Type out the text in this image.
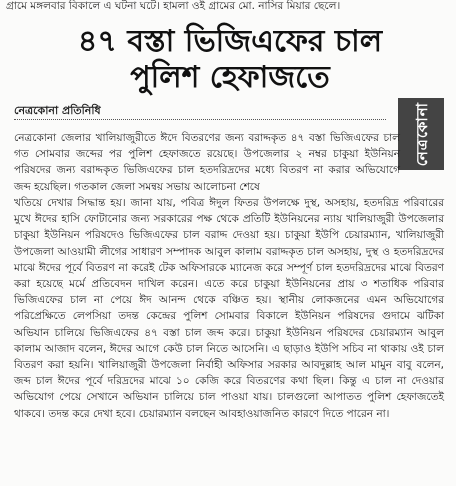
গ্রামে মঙ্গলবার বিকালে এ ঘটনা ঘটে। হামলা ওই গ্রামের মো. নাসির মিয়ার ছেলে।
৪৭ বস্তা ভিজিএফের চাল
পুলিশ হেফাজতে
নেত্রকোনা প্রতিনিধি	নেত্রকোনা

নেত্রকোনা জেলার খালিয়াজুরীতে ঈদে বিতরণের জন্য বরাদ্দকৃত ৪৭ বস্তা ভিজিএফের চাল গত সোমবার জব্দের পর পুলিশ হেফাজতে রয়েছে। উপজেলার ২ নম্বর চাকুয়া ইউনিয়ন পরিষদের জন্য বরাদ্দকৃত ভিজিএফের চাল হতদরিদ্রদের মধ্যে বিতরণ না করার অভিযোগে জব্দ হয়েছিল। গতকাল জেলা সমন্বয় সভায় আলোচনা শেষে

খতিয়ে দেখার সিদ্ধান্ত হয়। জানা যায়, পবিত্র ঈদুল ফিতর উপলক্ষে দুস্থ, অসহায়, হতদরিদ্র পরিবারের মুখে ঈদের হাসি ফোটানোর জন্য সরকারের পক্ষ থেকে প্রতিটি ইউনিয়নের ন্যায় খালিয়াজুরী উপজেলার চাকুয়া ইউনিয়ন পরিষদেও ভিজিএফের চাল বরাদ্দ দেওয়া হয়। চাকুয়া ইউপি চেয়ারম্যান, খালিয়াজুরী উপজেলা আওয়ামী লীগের সাধারণ সম্পাদক আবুল কালাম বরাদ্দকৃত চাল অসহায়, দুস্থ ও হতদরিদ্রদের মাঝে ঈদের পূর্বে বিতরণ না করেই টেক অফিসারকে ম্যানেজ করে সম্পূর্ণ চাল হতদরিদ্রদের মাঝে বিতরণ করা হয়েছে মর্মে প্রতিবেদন দাখিল করেন। এতে করে চাকুয়া ইউনিয়নের প্রায় ৩ শতাধিক পরিবার ভিজিএফের চাল না পেয়ে ঈদ আনন্দ থেকে বঞ্চিত হয়। স্থানীয় লোকজনের এমন অভিযোগের পরিপ্রেক্ষিতে লেপসিয়া তদন্ত কেন্দ্রের পুলিশ সোমবার বিকালে ইউনিয়ন পরিষদের গুদামে ঝটিকা অভিযান চালিয়ে ভিজিএফের ৪৭ বস্তা চাল জব্দ করে। চাকুয়া ইউনিয়ন পরিষদের চেয়ারম্যান আবুল কালাম আজাদ বলেন, ঈদের আগে কেউ চাল নিতে আসেনি। এ ছাড়াও ইউপি সচিব না থাকায় ওই চাল বিতরণ করা হয়নি। খালিয়াজুরী উপজেলা নির্বাহী অফিসার সরকার আবদুল্লাহ আল মামুন বাবু বলেন, জব্দ চাল ঈদের পূর্বে দরিদ্রদের মাঝে ১০ কেজি করে বিতরণের কথা ছিল। কিন্তু এ চাল না দেওয়ার অভিযোগ পেয়ে সেখানে অভিযান চালিয়ে চাল পাওয়া যায়। চালগুলো আপাতত পুলিশ হেফাজতেই থাকবে। তদন্ত করে দেখা হবে। চেয়ারম্যান বলছেন আবহাওয়াজনিত কারণে দিতে পারেন না।
